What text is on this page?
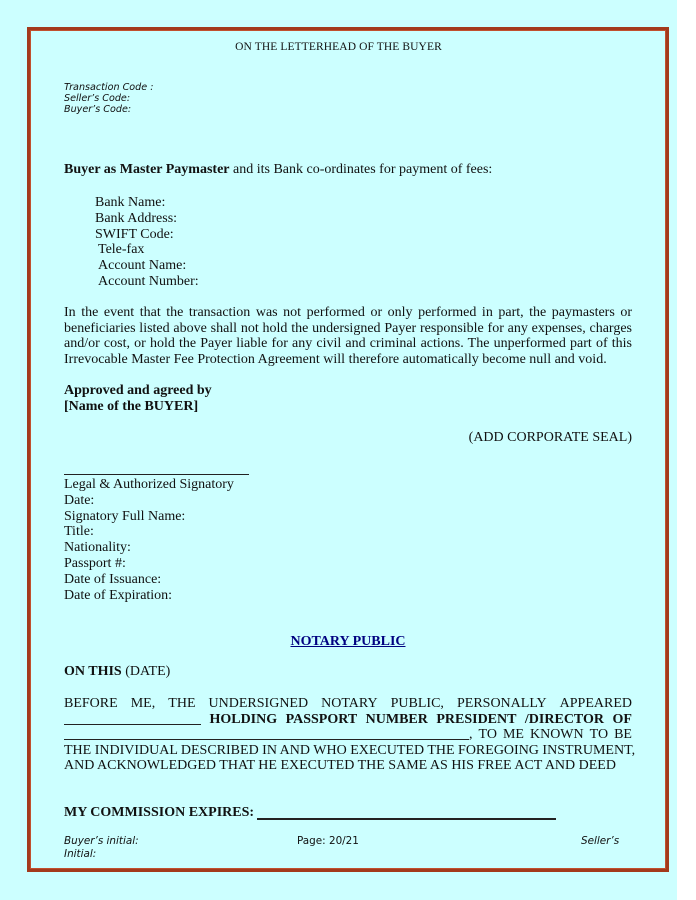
ON THE LETTERHEAD OF THE BUYER
Transaction Code :
Seller’s Code:
Buyer’s Code:
Buyer as Master Paymaster and its Bank co-ordinates for payment of fees:
Bank Name:
Bank Address:
SWIFT Code:
Tele-fax
Account Name:
Account Number:
In the event that the transaction was not performed or only performed in part, the paymasters or beneficiaries listed above shall not hold the undersigned Payer responsible for any expenses, charges and/or cost, or hold the Payer liable for any civil and criminal actions. The unperformed part of this Irrevocable Master Fee Protection Agreement will therefore automatically become null and void.
Approved and agreed by
[Name of the BUYER]
(ADD CORPORATE SEAL)
Legal & Authorized Signatory
Date:
Signatory Full Name:
Title:
Nationality:
Passport #:
Date of Issuance:
Date of Expiration:
NOTARY PUBLIC
ON THIS (DATE)
BEFORE ME, THE UNDERSIGNED NOTARY PUBLIC, PERSONALLY APPEARED
HOLDING PASSPORT NUMBER PRESIDENT /DIRECTOR OF
, TO ME KNOWN TO BE
THE INDIVIDUAL DESCRIBED IN AND WHO EXECUTED THE FOREGOING INSTRUMENT,
AND ACKNOWLEDGED THAT HE EXECUTED THE SAME AS HIS FREE ACT AND DEED
MY COMMISSION EXPIRES:
Buyer’s initial:
Initial:
Page: 20/21	Seller’s
